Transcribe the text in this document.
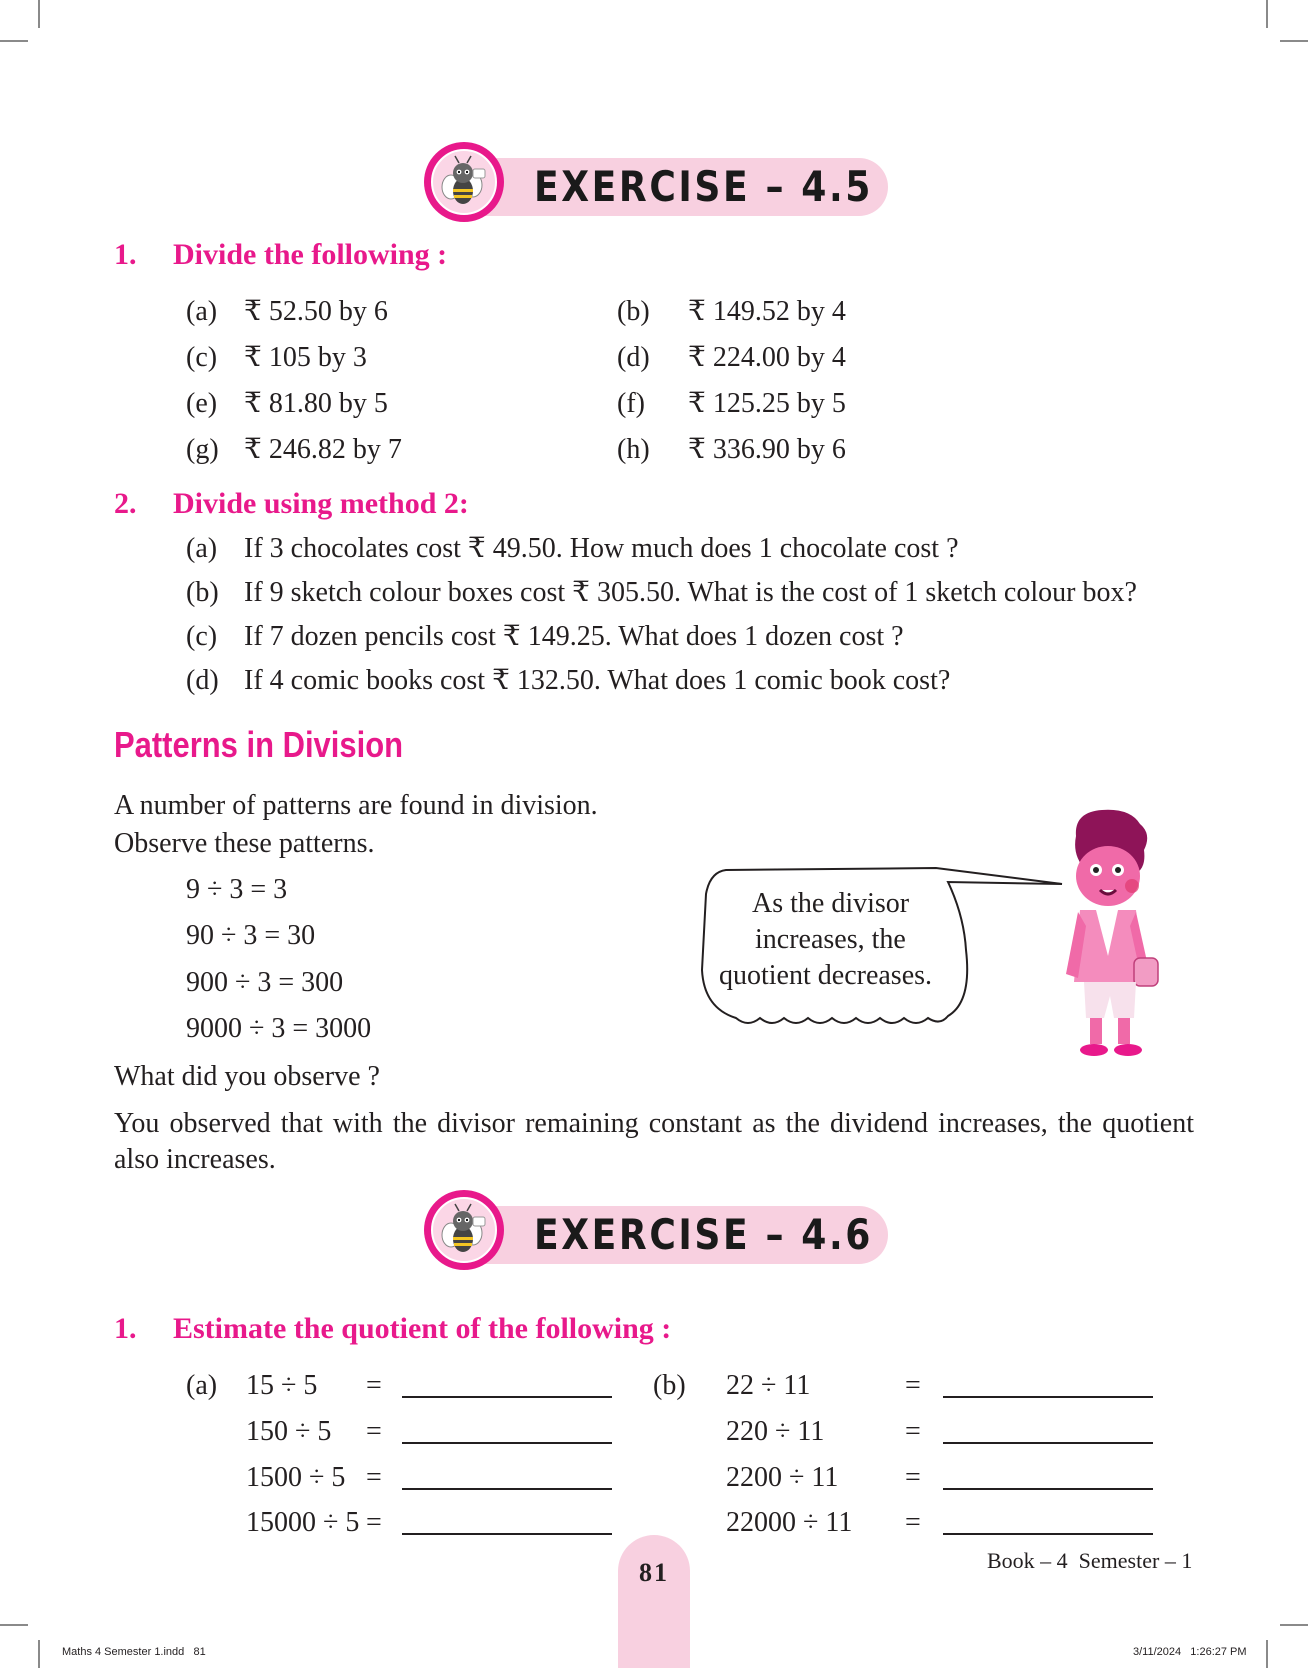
EXERCISE – 4.5
1. Divide the following :
(a) ₹ 52.50 by 6	(b) ₹ 149.52 by 4
(c) ₹ 105 by 3	(d) ₹ 224.00 by 4
(e) ₹ 81.80 by 5	(f) ₹ 125.25 by 5
(g) ₹ 246.82 by 7	(h) ₹ 336.90 by 6
2. Divide using method 2:
(a) If 3 chocolates cost ₹ 49.50. How much does 1 chocolate cost ?
(b) If 9 sketch colour boxes cost ₹ 305.50. What is the cost of 1 sketch colour box?
(c) If 7 dozen pencils cost ₹ 149.25. What does 1 dozen cost ?
(d) If 4 comic books cost ₹ 132.50. What does 1 comic book cost?
Patterns in Division
A number of patterns are found in division.
Observe these patterns.
9 ÷ 3 = 3
90 ÷ 3 = 30
900 ÷ 3 = 300
9000 ÷ 3 = 3000
As the divisor
increases, the
quotient decreases.
What did you observe ?
You observed that with the divisor remaining constant as the dividend increases, the quotient also increases.
EXERCISE – 4.6
1. Estimate the quotient of the following :
(a)	(b)
15 ÷ 5 =	22 ÷ 11	=
150 ÷ 5 =	220 ÷ 11	=
1500 ÷ 5 =	2200 ÷ 11 =
15000 ÷ 5 =	22000 ÷ 11 =
81	Book – 4  Semester – 1
Maths 4 Semester 1.indd   81	3/11/2024   1:26:27 PM
